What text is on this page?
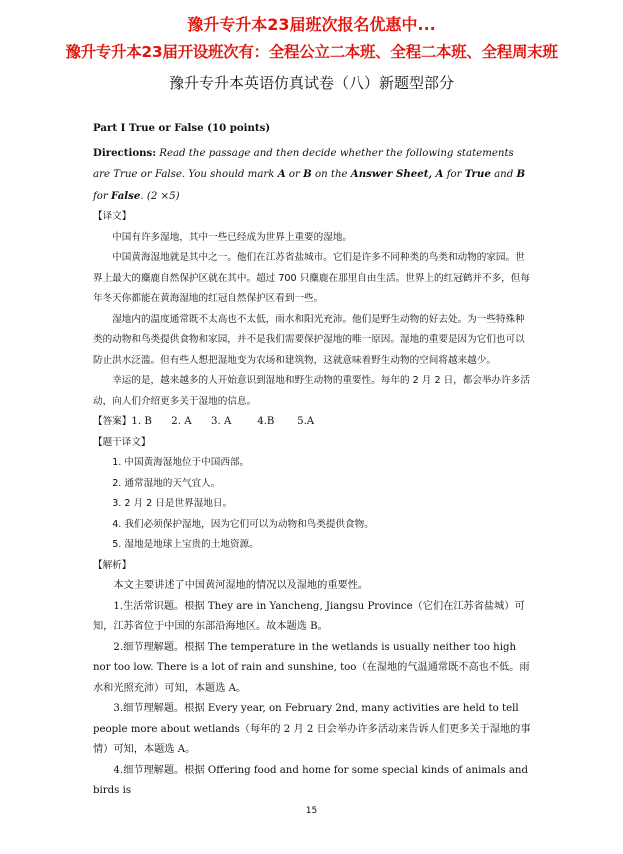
豫升专升本23届班次报名优惠中...
豫升专升本23届开设班次有：全程公立二本班、全程二本班、全程周末班
豫升专升本英语仿真试卷（八）新题型部分

Part I True or False (10 points)

Directions: Read the passage and then decide whether the following statements are True or False. You should mark A or B on the Answer Sheet, A for True and B for False. (2 ×5)

【译文】

中国有许多湿地，其中一些已经成为世界上重要的湿地。

中国黄海湿地就是其中之一。他们在江苏省盐城市。它们是许多不同种类的鸟类和动物的家园。世界上最大的麋鹿自然保护区就在其中。超过 700 只麋鹿在那里自由生活。世界上的红冠鹤并不多，但每年冬天你都能在黄海湿地的红冠自然保护区看到一些。

湿地内的温度通常既不太高也不太低，雨水和阳光充沛。他们是野生动物的好去处。为一些特殊种类的动物和鸟类提供食物和家园，并不是我们需要保护湿地的唯一原因。湿地的重要是因为它们也可以防止洪水泛滥。但有些人想把湿地变为农场和建筑物，这就意味着野生动物的空间将越来越少。

幸运的是，越来越多的人开始意识到湿地和野生动物的重要性。每年的 2 月 2 日，都会举办许多活动，向人们介绍更多关于湿地的信息。

【答案】1. B      2. A      3. A        4.B       5.A

【题干译文】

1. 中国黄海湿地位于中国西部。

2. 通常湿地的天气宜人。

3. 2 月 2 日是世界湿地日。

4. 我们必须保护湿地，因为它们可以为动物和鸟类提供食物。

5. 湿地是地球上宝贵的土地资源。

【解析】

本文主要讲述了中国黄河湿地的情况以及湿地的重要性。

1.生活常识题。根据 They are in Yancheng, Jiangsu Province（它们在江苏省盐城）可知，江苏省位于中国的东部沿海地区。故本题选 B。

2.细节理解题。根据 The temperature in the wetlands is usually neither too high nor too low. There is a lot of rain and sunshine, too（在湿地的气温通常既不高也不低。雨水和光照充沛）可知，本题选 A。

3.细节理解题。根据 Every year, on February 2nd, many activities are held to tell people more about wetlands（每年的 2 月 2 日会举办许多活动来告诉人们更多关于湿地的事情）可知，本题选 A。

4.细节理解题。根据 Offering food and home for some special kinds of animals and birds is

15
